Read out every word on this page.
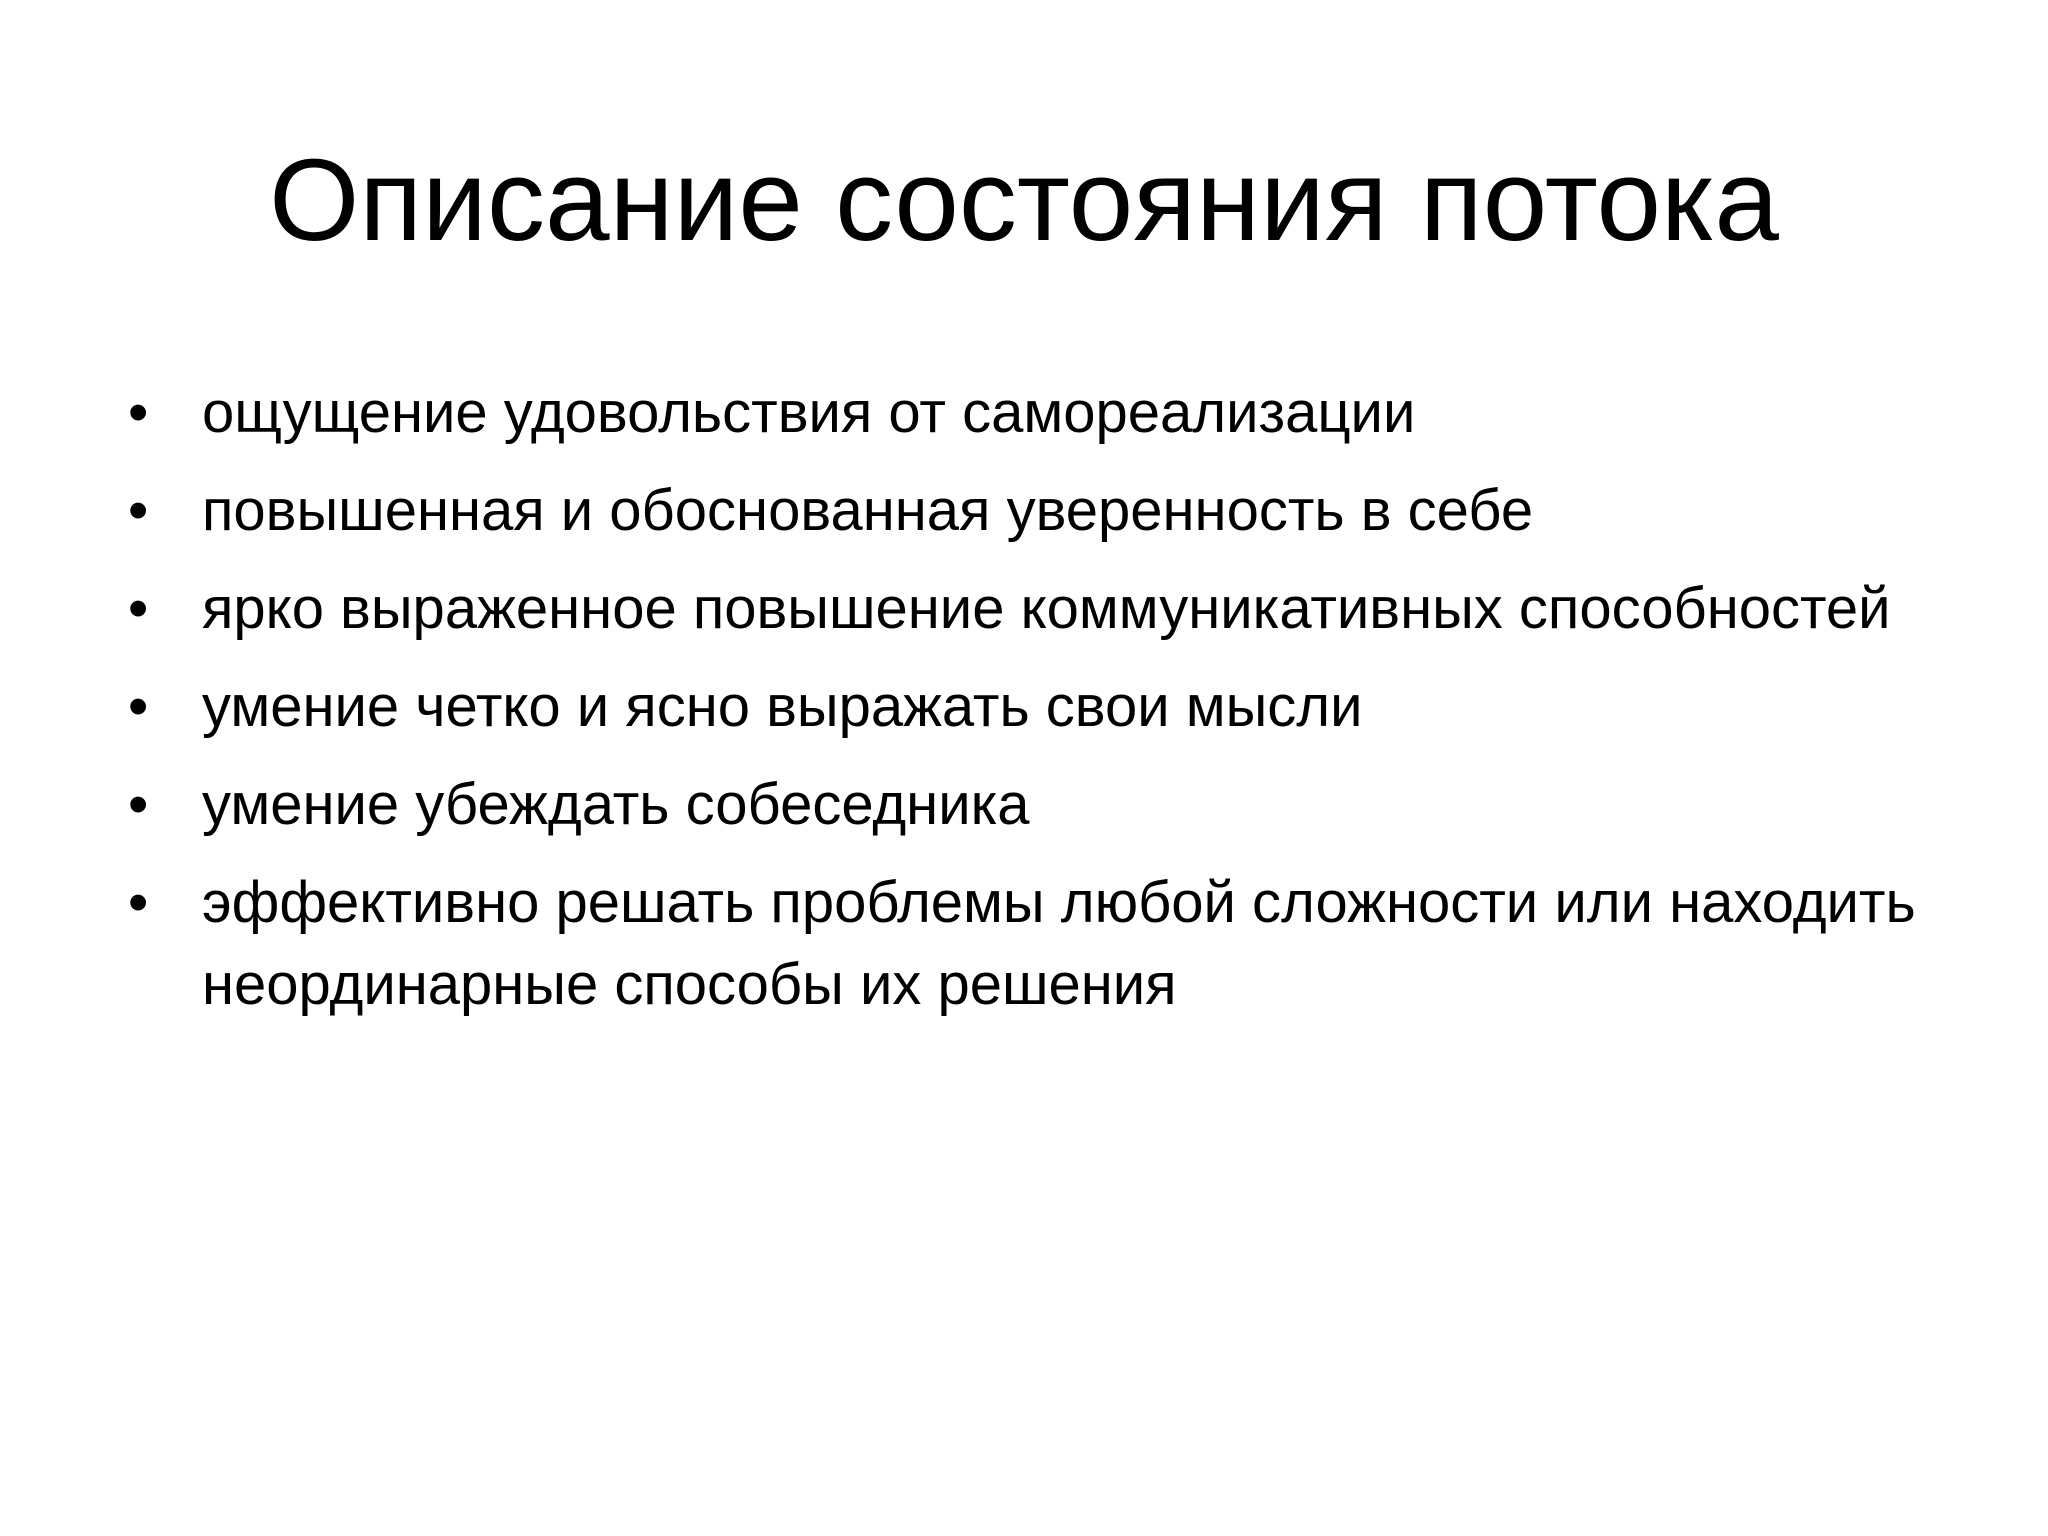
Описание состояния потока
• ощущение удовольствия от самореализации
• повышенная и обоснованная уверенность в себе
• ярко выраженное повышение коммуникативных способностей
• умение четко и ясно выражать свои мысли
• умение убеждать собеседника
• эффективно решать проблемы любой сложности или находить неординарные способы их решения
